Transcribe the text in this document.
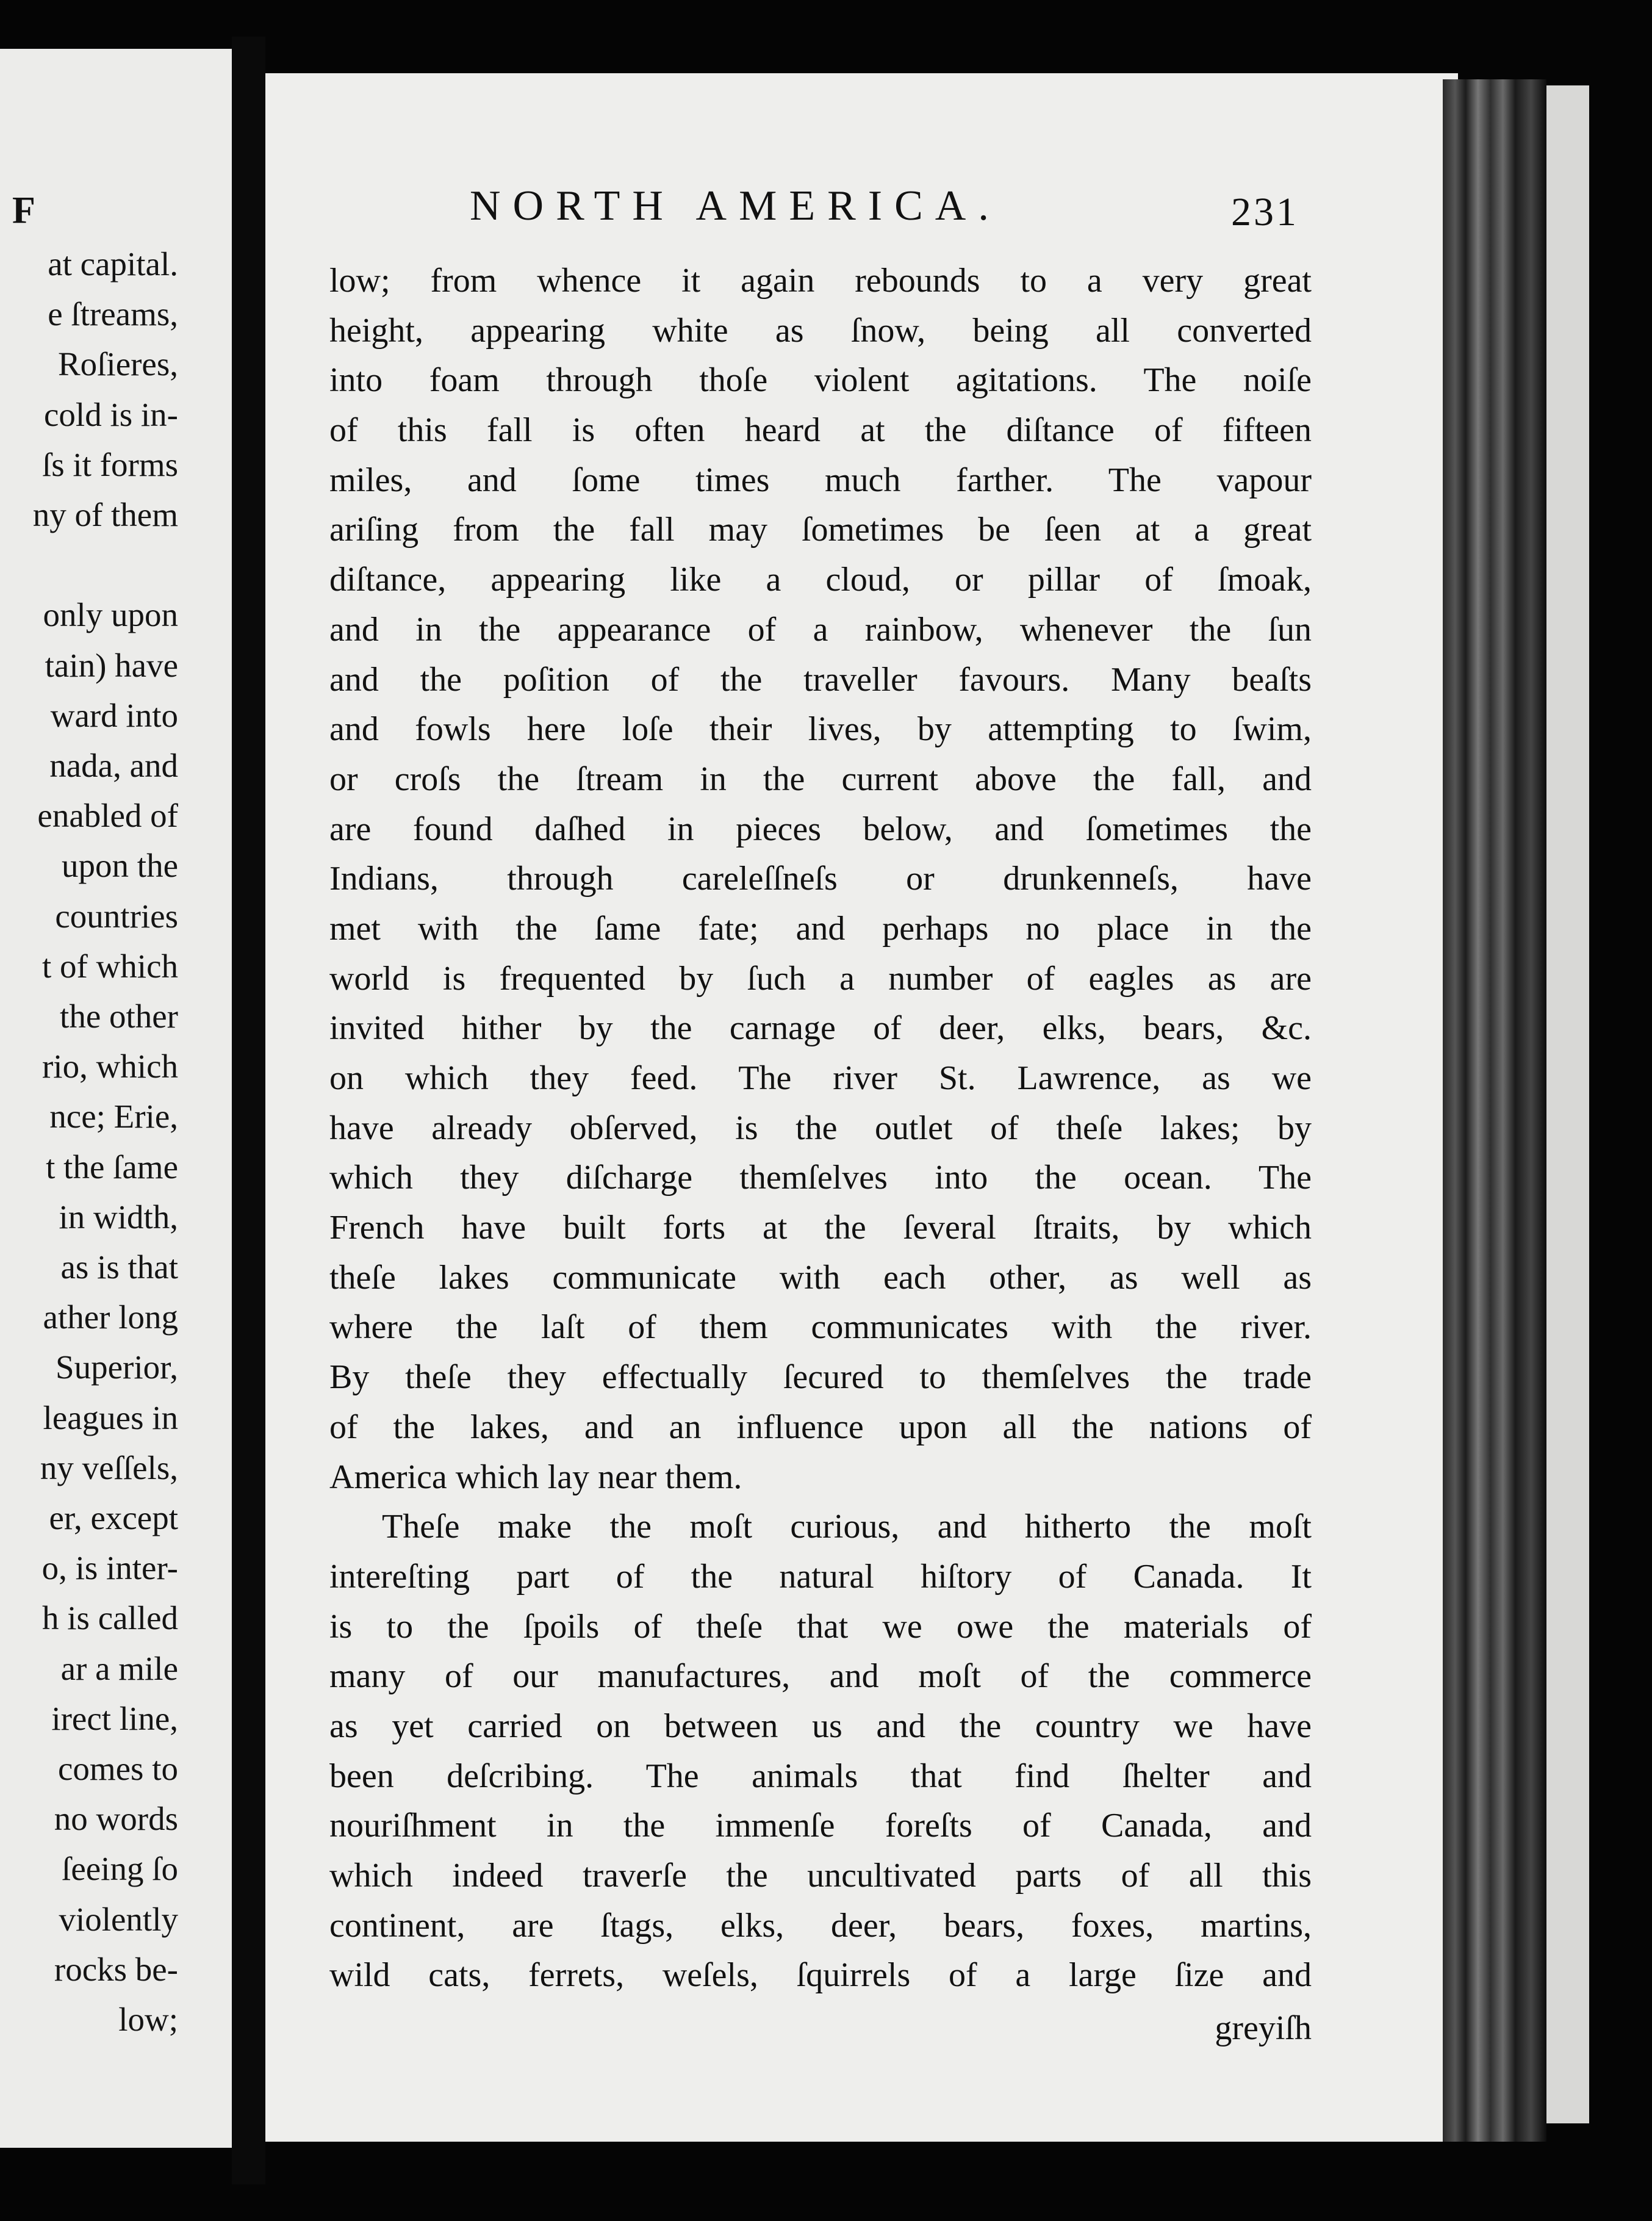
F
at capital.
e ſtreams,
Roſieres,
cold is in-
ſs it forms
ny of them
only upon
tain) have
ward into
nada, and
enabled of
upon the
countries
t of which
the other
rio, which
nce; Erie,
t the ſame
in width,
as is that
ather long
Superior,
leagues in
ny veſſels,
er, except
o, is inter-
h is called
ar a mile
irect line,
comes to
no words
ſeeing ſo
violently
rocks be-
low;
NORTH AMERICA.	231
low; from whence it again rebounds to a very great
height, appearing white as ſnow, being all converted
into foam through thoſe violent agitations. The noiſe
of this fall is often heard at the diſtance of fifteen
miles, and ſome times much farther. The vapour
ariſing from the fall may ſometimes be ſeen at a great
diſtance, appearing like a cloud, or pillar of ſmoak,
and in the appearance of a rainbow, whenever the ſun
and the poſition of the traveller favours. Many beaſts
and fowls here loſe their lives, by attempting to ſwim,
or croſs the ſtream in the current above the fall, and
are found daſhed in pieces below, and ſometimes the
Indians, through careleſſneſs or drunkenneſs, have
met with the ſame fate; and perhaps no place in the
world is frequented by ſuch a number of eagles as are
invited hither by the carnage of deer, elks, bears, &c.
on which they feed. The river St. Lawrence, as we
have already obſerved, is the outlet of theſe lakes; by
which they diſcharge themſelves into the ocean. The
French have built forts at the ſeveral ſtraits, by which
theſe lakes communicate with each other, as well as
where the laſt of them communicates with the river.
By theſe they effectually ſecured to themſelves the trade
of the lakes, and an influence upon all the nations of
America which lay near them.
Theſe make the moſt curious, and hitherto the moſt
intereſting part of the natural hiſtory of Canada. It
is to the ſpoils of theſe that we owe the materials of
many of our manufactures, and moſt of the commerce
as yet carried on between us and the country we have
been deſcribing. The animals that find ſhelter and
nouriſhment in the immenſe foreſts of Canada, and
which indeed traverſe the uncultivated parts of all this
continent, are ſtags, elks, deer, bears, foxes, martins,
wild cats, ferrets, weſels, ſquirrels of a large ſize and
greyiſh
